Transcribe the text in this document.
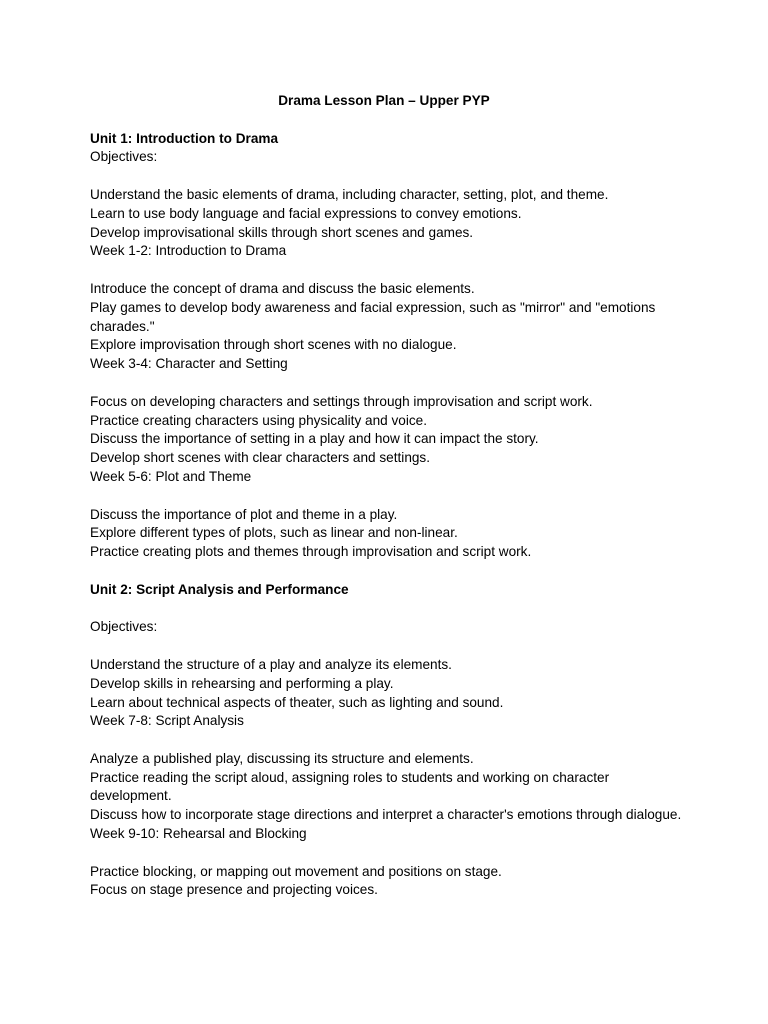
Drama Lesson Plan – Upper PYP

Unit 1: Introduction to Drama

Objectives:

Understand the basic elements of drama, including character, setting, plot, and theme.

Learn to use body language and facial expressions to convey emotions.

Develop improvisational skills through short scenes and games.

Week 1-2: Introduction to Drama

Introduce the concept of drama and discuss the basic elements.

Play games to develop body awareness and facial expression, such as "mirror" and "emotions charades."

Explore improvisation through short scenes with no dialogue.

Week 3-4: Character and Setting

Focus on developing characters and settings through improvisation and script work.

Practice creating characters using physicality and voice.

Discuss the importance of setting in a play and how it can impact the story.

Develop short scenes with clear characters and settings.

Week 5-6: Plot and Theme

Discuss the importance of plot and theme in a play.

Explore different types of plots, such as linear and non-linear.

Practice creating plots and themes through improvisation and script work.

Unit 2: Script Analysis and Performance

Objectives:

Understand the structure of a play and analyze its elements.

Develop skills in rehearsing and performing a play.

Learn about technical aspects of theater, such as lighting and sound.

Week 7-8: Script Analysis

Analyze a published play, discussing its structure and elements.

Practice reading the script aloud, assigning roles to students and working on character development.

Discuss how to incorporate stage directions and interpret a character's emotions through dialogue.

Week 9-10: Rehearsal and Blocking

Practice blocking, or mapping out movement and positions on stage.

Focus on stage presence and projecting voices.
